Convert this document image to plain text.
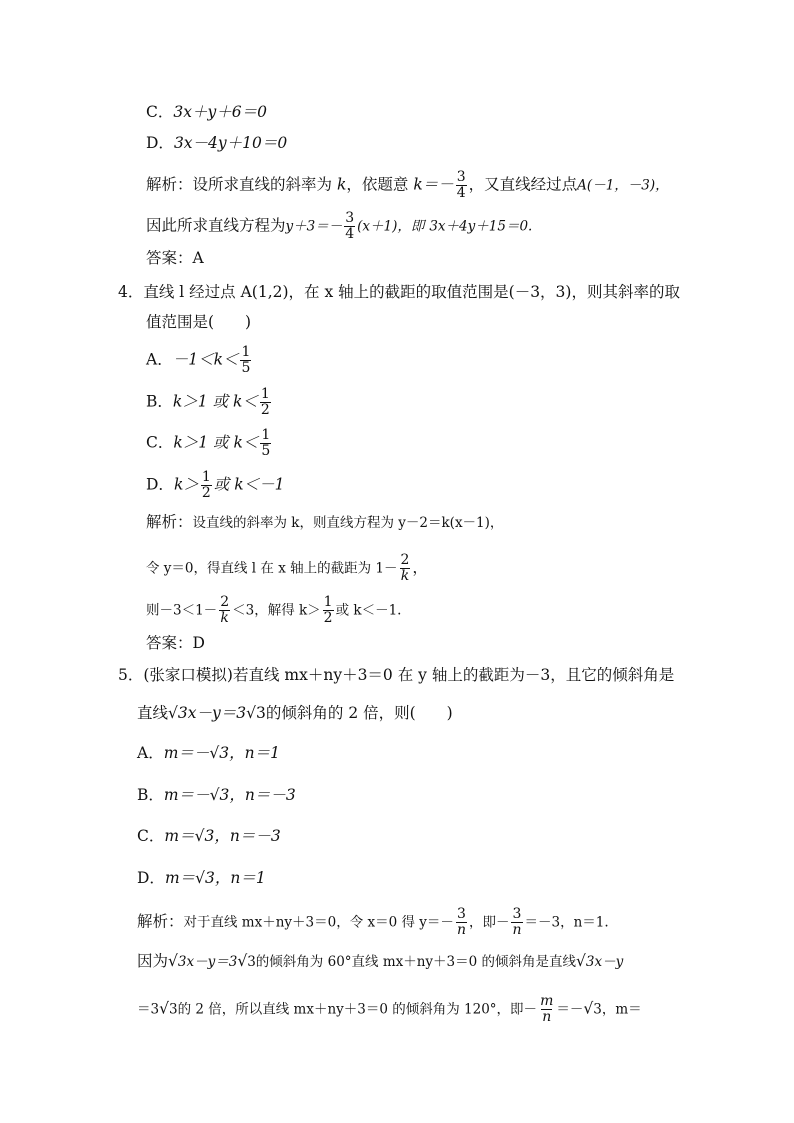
C．3x＋y＋6＝0
D．3x－4y＋10＝0
解析：设所求直线的斜率为 k，依题意 $k=- \frac{3}{4}$ ，又直线经过点A(－1，－3)，
因此所求直线方程为$y+3=- \frac{3}{4} (x+1)$，即 3x＋4y＋15＝0.
答案：A
4．直线 l 经过点 A(1,2)，在 x 轴上的截距的取值范围是(－3，3)，则其斜率的取
值范围是(　　)
A．$-1<k< \frac{1}{5}$
B．k＞1 或 $k< \frac{1}{2}$
C．k＞1 或 $k< \frac{1}{5}$
D．$k> \frac{1}{2}$ 或 k＜－1
解析：设直线的斜率为 k，则直线方程为 y－2＝k(x－1)，
令 y＝0，得直线 l 在 x 轴上的截距为 $1- \frac{2}{k}$ ，
则$-3<1- \frac{2}{k} <3$，解得 $k> \frac{1}{2}$ 或 k＜－1.
答案：D
5．(张家口模拟)若直线 mx＋ny＋3＝0 在 y 轴上的截距为－3，且它的倾斜角是
直线√3x－y＝3√3的倾斜角的 2 倍，则(　　)
A．m＝－√3，n＝1
B．m＝－√3，n＝－3
C．m＝√3，n＝－3
D．m＝√3，n＝1
解析：对于直线 mx＋ny＋3＝0，令 x＝0 得 $y=- \frac{3}{n}$ ，即－ $\frac{3}{n} =-3$，n＝1.
因为√3x－y＝3√3的倾斜角为 60°直线 mx＋ny＋3＝0 的倾斜角是直线√3x－y
＝3√3的 2 倍，所以直线 mx＋ny＋3＝0 的倾斜角为 120°，即－ $\frac{m}{n} =-√3$，m＝
